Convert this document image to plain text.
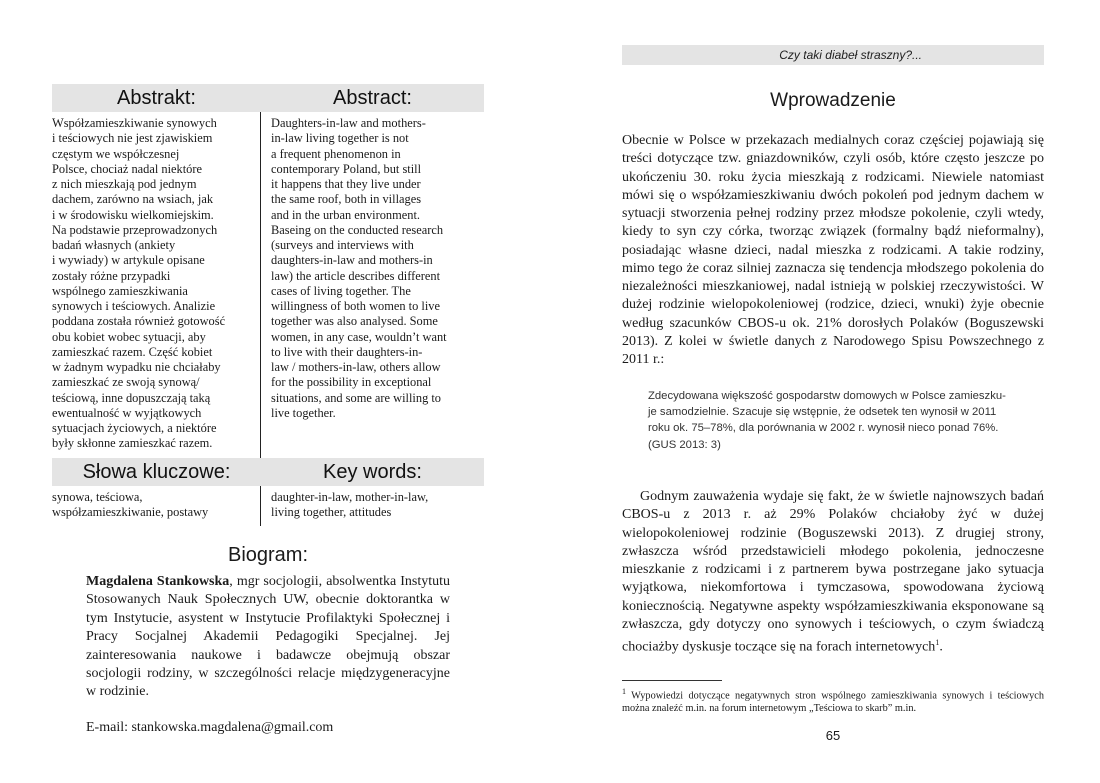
Abstrakt:	Abstract:

Współzamieszkiwanie synowych
i teściowych nie jest zjawiskiem
częstym we współczesnej
Polsce, chociaż nadal niektóre
z nich mieszkają pod jednym
dachem, zarówno na wsiach, jak
i w środowisku wielkomiejskim.
Na podstawie przeprowadzonych
badań własnych (ankiety
i wywiady) w artykule opisane
zostały różne przypadki
wspólnego zamieszkiwania
synowych i teściowych. Analizie
poddana została również gotowość
obu kobiet wobec sytuacji, aby
zamieszkać razem. Część kobiet
w żadnym wypadku nie chciałaby
zamieszkać ze swoją synową/
teściową, inne dopuszczają taką
ewentualność w wyjątkowych
sytuacjach życiowych, a niektóre
były skłonne zamieszkać razem.

Daughters-in-law and mothers-
in-law living together is not
a frequent phenomenon in
contemporary Poland, but still
it happens that they live under
the same roof, both in villages
and in the urban environment.
Baseing on the conducted research
(surveys and interviews with
daughters-in-law and mothers-in
law) the article describes different
cases of living together. The
willingness of both women to live
together was also analysed. Some
women, in any case, wouldn’t want
to live with their daughters-in-
law / mothers-in-law, others allow
for the possibility in exceptional
situations, and some are willing to
live together.

Słowa kluczowe:	Key words:

synowa, teściowa,
współzamieszkiwanie, postawy

daughter-in-law, mother-in-law,
living together, attitudes

Biogram:

Magdalena Stankowska, mgr socjologii, absolwentka Instytutu Stosowanych Nauk Społecznych UW, obecnie doktorantka w tym Instytucie, asystent w Instytucie Profilaktyki Społecznej i Pracy Socjalnej Akademii Pedagogiki Specjalnej. Jej zainteresowania naukowe i badawcze obejmują obszar socjologii rodziny, w szczególności relacje międzygeneracyjne w rodzinie.

E-mail: stankowska.magdalena@gmail.com
Czy taki diabeł straszny?...
Wprowadzenie

Obecnie w Polsce w przekazach medialnych coraz częściej pojawiają się treści dotyczące tzw. gniazdowników, czyli osób, które często jeszcze po ukończeniu 30. roku życia mieszkają z rodzicami. Niewiele natomiast mówi się o współzamieszkiwaniu dwóch pokoleń pod jednym dachem w sytuacji stworzenia pełnej rodziny przez młodsze pokolenie, czyli wtedy, kiedy to syn czy córka, tworząc związek (formalny bądź nieformalny), posiadając własne dzieci, nadal mieszka z rodzicami. A takie rodziny, mimo tego że coraz silniej zaznacza się tendencja młodszego pokolenia do niezależności mieszkaniowej, nadal istnieją w polskiej rzeczywistości. W dużej rodzinie wielopokoleniowej (rodzice, dzieci, wnuki) żyje obecnie według szacunków CBOS-u ok. 21% dorosłych Polaków (Boguszewski 2013). Z kolei w świetle danych z Narodowego Spisu Powszechnego z 2011 r.:

Zdecydowana większość gospodarstw domowych w Polsce zamieszku-
je samodzielnie. Szacuje się wstępnie, że odsetek ten wynosił w 2011
roku ok. 75–78%, dla porównania w 2002 r. wynosił nieco ponad 76%.
(GUS 2013: 3)

Godnym zauważenia wydaje się fakt, że w świetle najnowszych badań CBOS-u z 2013 r. aż 29% Polaków chciałoby żyć w dużej wielopokoleniowej rodzinie (Boguszewski 2013). Z drugiej strony, zwłaszcza wśród przedstawicieli młodego pokolenia, jednoczesne mieszkanie z rodzicami i z partnerem bywa postrzegane jako sytuacja wyjątkowa, niekomfortowa i tymczasowa, spowodowana życiową koniecznością. Negatywne aspekty współzamieszkiwania eksponowane są zwłaszcza, gdy dotyczy ono synowych i teściowych, o czym świadczą chociażby dyskusje toczące się na forach internetowych$^1$.

$^1$ Wypowiedzi dotyczące negatywnych stron wspólnego zamieszkiwania synowych i teściowych można znaleźć m.in. na forum internetowym „Teściowa to skarb” m.in.

65
